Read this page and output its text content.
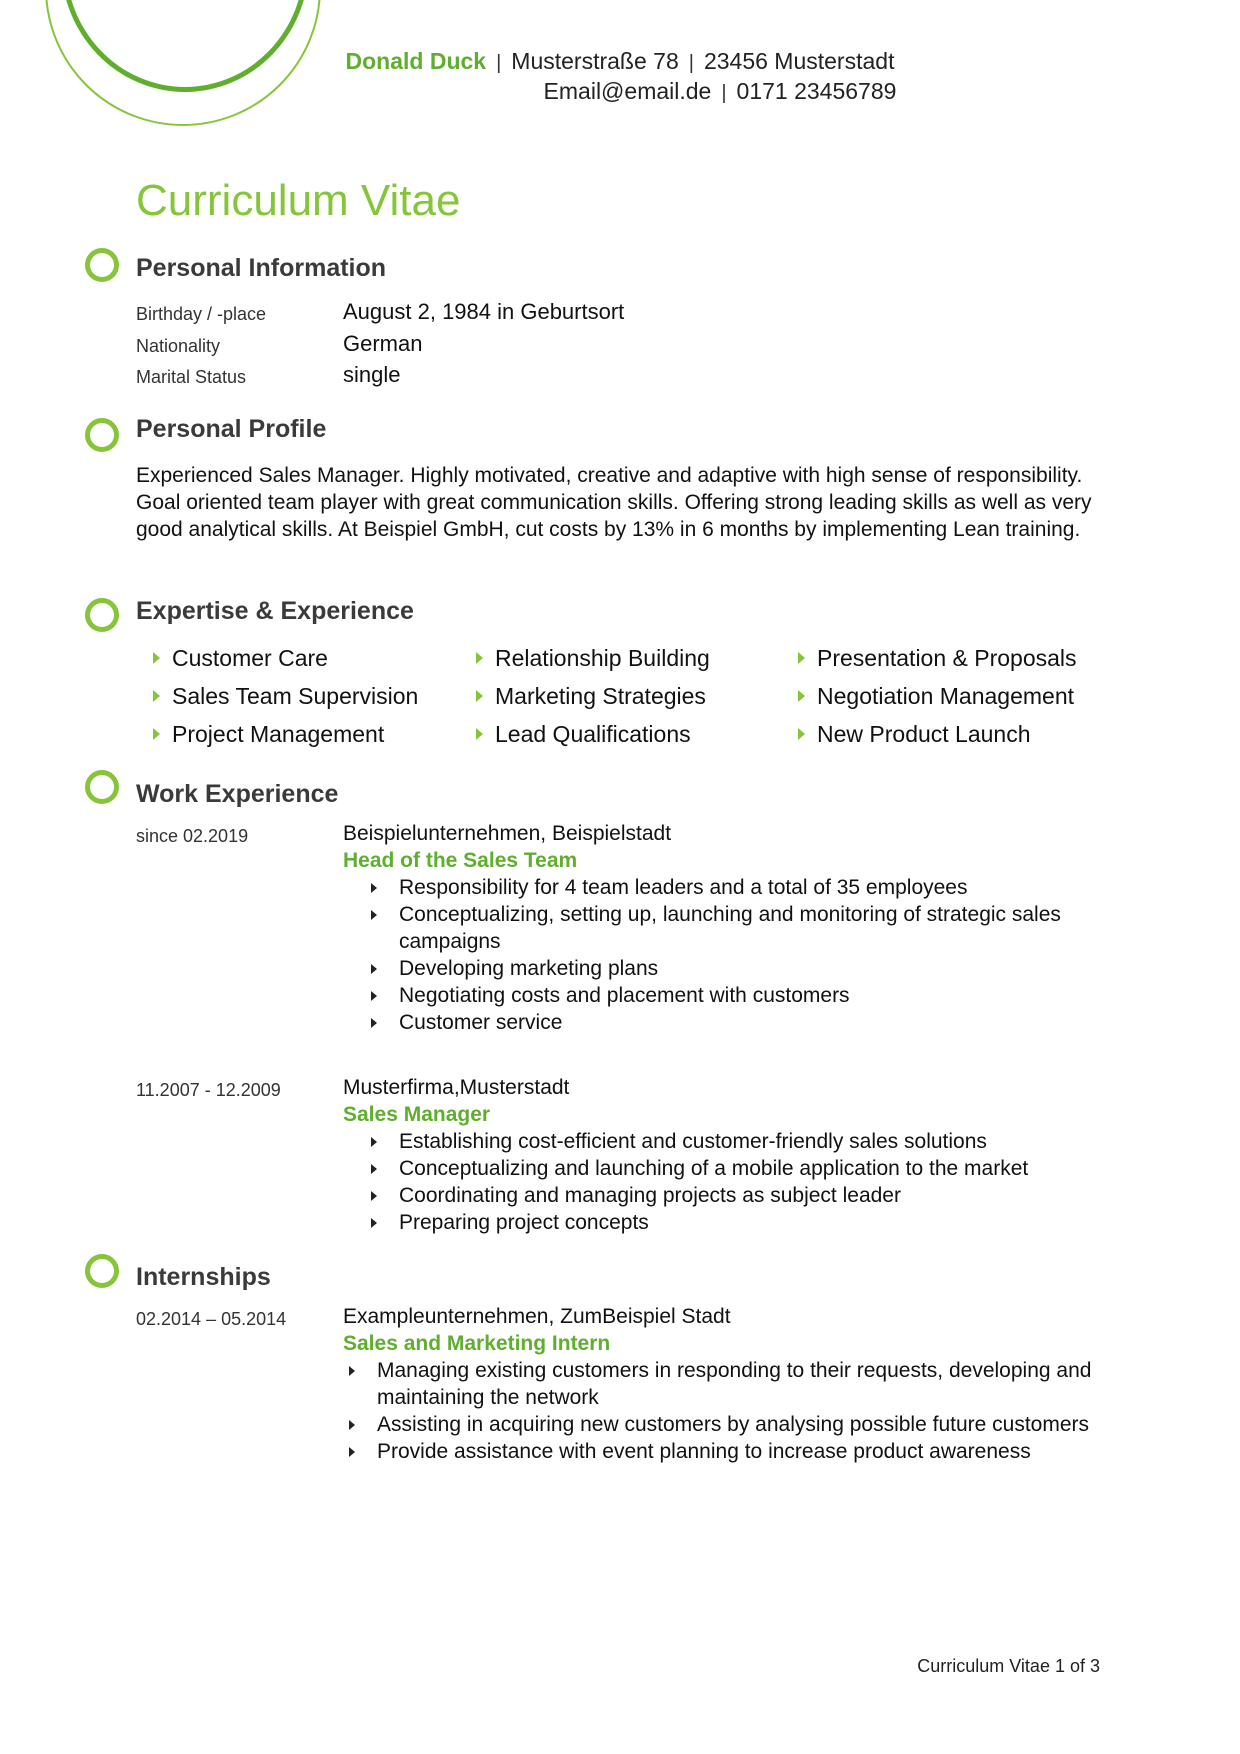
Donald Duck | Musterstraße 78 | 23456 Musterstadt
Email@email.de | 0171 23456789
Curriculum Vitae
Personal Information
Birthday / -place	August 2, 1984 in Geburtsort
Nationality	German
Marital Status	single
Personal Profile
Experienced Sales Manager. Highly motivated, creative and adaptive with high sense of responsibility. Goal oriented team player with great communication skills. Offering strong leading skills as well as very good analytical skills. At Beispiel GmbH, cut costs by 13% in 6 months by implementing Lean training.
Expertise & Experience
Customer Care	Relationship Building	Presentation & Proposals
Sales Team Supervision	Marketing Strategies	Negotiation Management
Project Management	Lead Qualifications	New Product Launch
Work Experience
since 02.2019	Beispielunternehmen, Beispielstadt
Head of the Sales Team
Responsibility for 4 team leaders and a total of 35 employees
Conceptualizing, setting up, launching and monitoring of strategic sales campaigns
Developing marketing plans
Negotiating costs and placement with customers
Customer service
11.2007 - 12.2009	Musterfirma,Musterstadt
Sales Manager
Establishing cost-efficient and customer-friendly sales solutions
Conceptualizing and launching of a mobile application to the market
Coordinating and managing projects as subject leader
Preparing project concepts
Internships
02.2014 – 05.2014	Exampleunternehmen, ZumBeispiel Stadt
Sales and Marketing Intern
Managing existing customers in responding to their requests, developing and maintaining the network
Assisting in acquiring new customers by analysing possible future customers
Provide assistance with event planning to increase product awareness
Curriculum Vitae 1 of 3
